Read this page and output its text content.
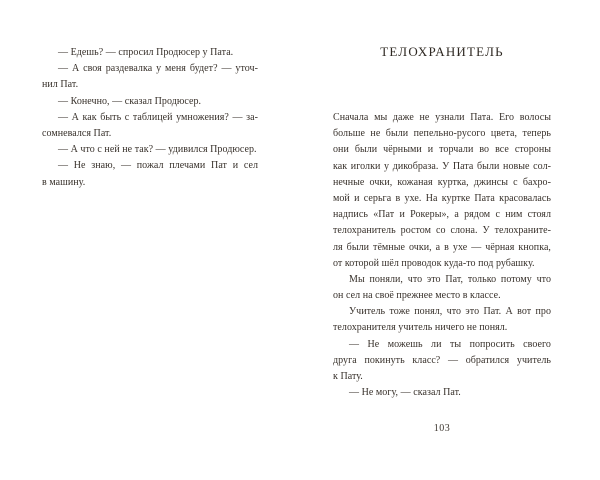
— Едешь? — спросил Продюсер у Пата.
— А своя раздевалка у меня будет? — уточ-
нил Пат.
— Конечно, — сказал Продюсер.
— А как быть с таблицей умножения? — за-
сомневался Пат.
— А что с ней не так? — удивился Продюсер.
— Не знаю, — пожал плечами Пат и сел
в машину.
ТЕЛОХРАНИТЕЛЬ
Сначала мы даже не узнали Пата. Его волосы
больше не были пепельно-русого цвета, теперь
они были чёрными и торчали во все стороны
как иголки у дикобраза. У Пата были новые сол-
нечные очки, кожаная куртка, джинсы с бахро-
мой и серьга в ухе. На куртке Пата красовалась
надпись «Пат и Рокеры», а рядом с ним стоял
телохранитель ростом со слона. У телохраните-
ля были тёмные очки, а в ухе — чёрная кнопка,
от которой шёл проводок куда-то под рубашку.
Мы поняли, что это Пат, только потому что
он сел на своё прежнее место в классе.
Учитель тоже понял, что это Пат. А вот про
телохранителя учитель ничего не понял.
— Не можешь ли ты попросить своего
друга покинуть класс? — обратился учитель
к Пату.
— Не могу, — сказал Пат.
103
